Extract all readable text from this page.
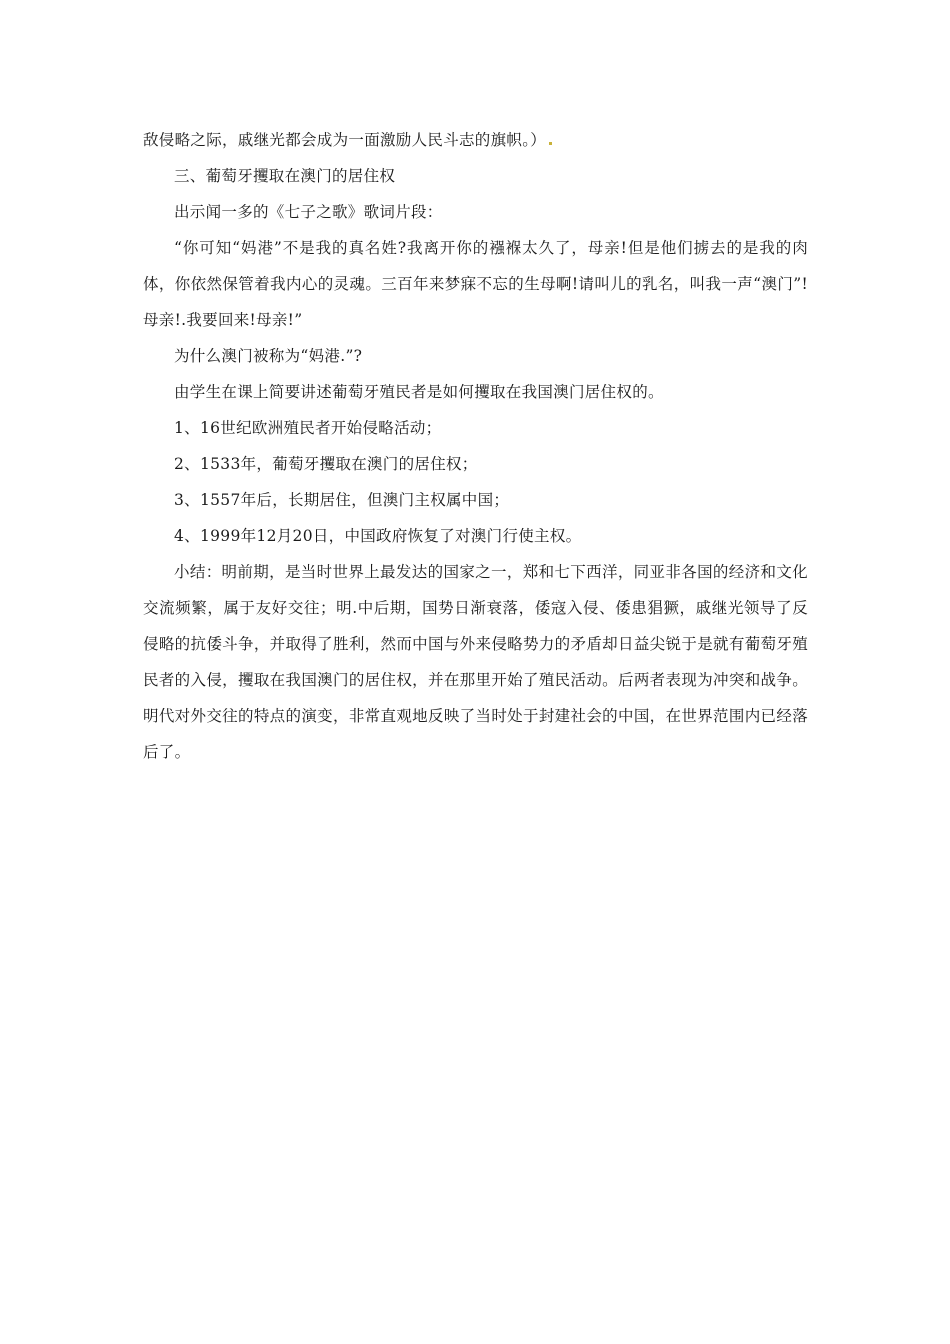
敌侵略之际，戚继光都会成为一面激励人民斗志的旗帜。）

三、葡萄牙攫取在澳门的居住权

出示闻一多的《七子之歌》歌词片段：

“你可知“妈港”不是我的真名姓?我离开你的襁褓太久了，母亲!但是他们掳去的是我的肉体，你依然保管着我内心的灵魂。三百年来梦寐不忘的生母啊!请叫儿的乳名，叫我一声“澳门”!母亲!.我要回来!母亲!”

为什么澳门被称为“妈港.”?

由学生在课上简要讲述葡萄牙殖民者是如何攫取在我国澳门居住权的。

1、16世纪欧洲殖民者开始侵略活动；

2、1533年，葡萄牙攫取在澳门的居住权；

3、1557年后，长期居住，但澳门主权属中国；

4、1999年12月20日，中国政府恢复了对澳门行使主权。

小结：明前期，是当时世界上最发达的国家之一，郑和七下西洋，同亚非各国的经济和文化交流频繁，属于友好交往；明.中后期，国势日渐衰落，倭寇入侵、倭患猖獗，戚继光领导了反侵略的抗倭斗争，并取得了胜利，然而中国与外来侵略势力的矛盾却日益尖锐于是就有葡萄牙殖民者的入侵，攫取在我国澳门的居住权，并在那里开始了殖民活动。后两者表现为冲突和战争。明代对外交往的特点的演变，非常直观地反映了当时处于封建社会的中国，在世界范围内已经落后了。
